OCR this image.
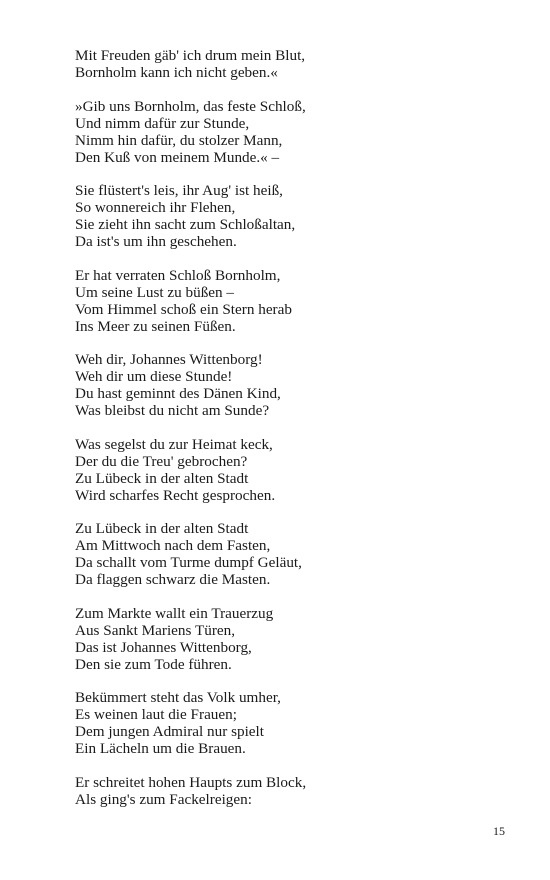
Mit Freuden gäb' ich drum mein Blut,
Bornholm kann ich nicht geben.«
»Gib uns Bornholm, das feste Schloß,
Und nimm dafür zur Stunde,
Nimm hin dafür, du stolzer Mann,
Den Kuß von meinem Munde.« –
Sie flüstert's leis, ihr Aug' ist heiß,
So wonnereich ihr Flehen,
Sie zieht ihn sacht zum Schloßaltan,
Da ist's um ihn geschehen.
Er hat verraten Schloß Bornholm,
Um seine Lust zu büßen –
Vom Himmel schoß ein Stern herab
Ins Meer zu seinen Füßen.
Weh dir, Johannes Wittenborg!
Weh dir um diese Stunde!
Du hast geminnt des Dänen Kind,
Was bleibst du nicht am Sunde?
Was segelst du zur Heimat keck,
Der du die Treu' gebrochen?
Zu Lübeck in der alten Stadt
Wird scharfes Recht gesprochen.
Zu Lübeck in der alten Stadt
Am Mittwoch nach dem Fasten,
Da schallt vom Turme dumpf Geläut,
Da flaggen schwarz die Masten.
Zum Markte wallt ein Trauerzug
Aus Sankt Mariens Türen,
Das ist Johannes Wittenborg,
Den sie zum Tode führen.
Bekümmert steht das Volk umher,
Es weinen laut die Frauen;
Dem jungen Admiral nur spielt
Ein Lächeln um die Brauen.
Er schreitet hohen Haupts zum Block,
Als ging's zum Fackelreigen:
15
